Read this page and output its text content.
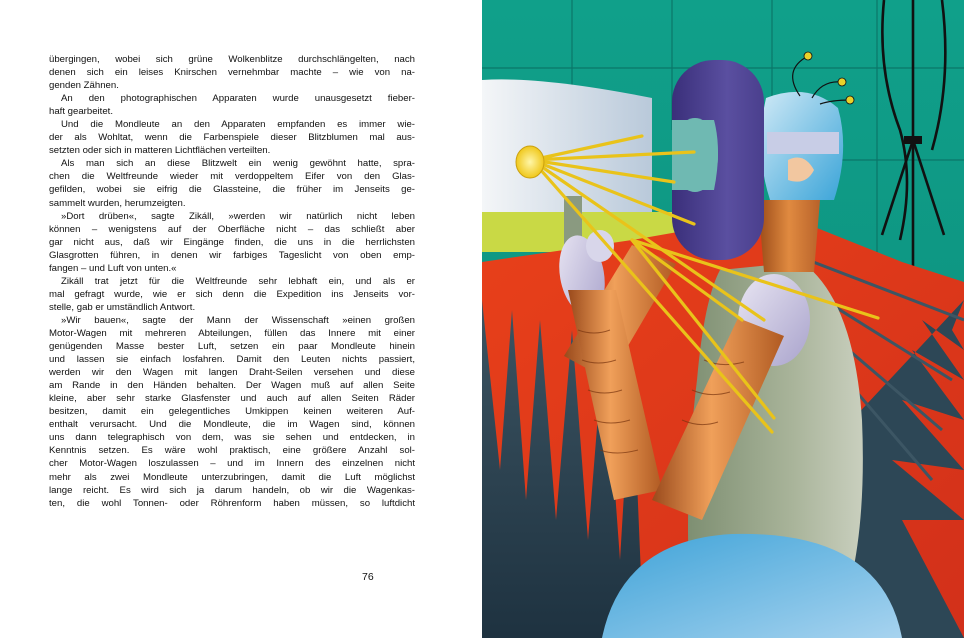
übergingen, wobei sich grüne Wolkenblitze durchschlängelten, nach
denen sich ein leises Knirschen vernehmbar machte – wie von na-
genden Zähnen.
An den photographischen Apparaten wurde unausgesetzt fieber-
haft gearbeitet.
Und die Mondleute an den Apparaten empfanden es immer wie-
der als Wohltat, wenn die Farbenspiele dieser Blitzblumen mal aus-
setzten oder sich in matteren Lichtflächen verteilten.
Als man sich an diese Blitzwelt ein wenig gewöhnt hatte, spra-
chen die Weltfreunde wieder mit verdoppeltem Eifer von den Glas-
gefilden, wobei sie eifrig die Glassteine, die früher im Jenseits ge-
sammelt wurden, herumzeigten.
»Dort drüben«, sagte Zikáll, »werden wir natürlich nicht leben
können – wenigstens auf der Oberfläche nicht – das schließt aber
gar nicht aus, daß wir Eingänge finden, die uns in die herrlichsten
Glasgrotten führen, in denen wir farbiges Tageslicht von oben emp-
fangen – und Luft von unten.«
Zikáll trat jetzt für die Weltfreunde sehr lebhaft ein, und als er
mal gefragt wurde, wie er sich denn die Expedition ins Jenseits vor-
stelle, gab er umständlich Antwort.
»Wir bauen«, sagte der Mann der Wissenschaft »einen großen
Motor-Wagen mit mehreren Abteilungen, füllen das Innere mit einer
genügenden Masse bester Luft, setzen ein paar Mondleute hinein
und lassen sie einfach losfahren. Damit den Leuten nichts passiert,
werden wir den Wagen mit langen Draht-Seilen versehen und diese
am Rande in den Händen behalten. Der Wagen muß auf allen Seite
kleine, aber sehr starke Glasfenster und auch auf allen Seiten Räder
besitzen, damit ein gelegentliches Umkippen keinen weiteren Auf-
enthalt verursacht. Und die Mondleute, die im Wagen sind, können
uns dann telegraphisch von dem, was sie sehen und entdecken, in
Kenntnis setzen. Es wäre wohl praktisch, eine größere Anzahl sol-
cher Motor-Wagen loszulassen – und im Innern des einzelnen nicht
mehr als zwei Mondleute unterzubringen, damit die Luft möglichst
lange reicht. Es wird sich ja darum handeln, ob wir die Wagenkas-
ten, die wohl Tonnen- oder Röhrenform haben müssen, so luftdicht
76
